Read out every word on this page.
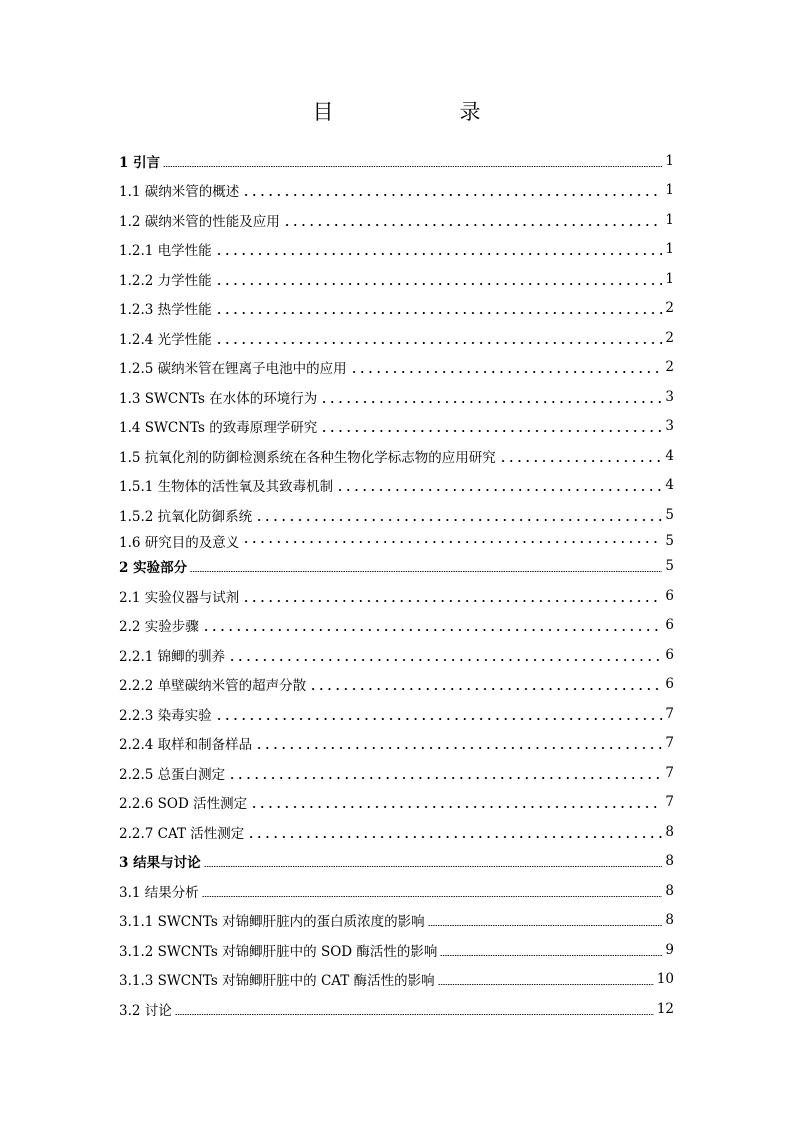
目　　录
1 引言	1
1.1 碳纳米管的概述	1
1.2 碳纳米管的性能及应用	1
1.2.1 电学性能	1
1.2.2 力学性能	1
1.2.3 热学性能	2
1.2.4 光学性能	2
1.2.5 碳纳米管在锂离子电池中的应用	2
1.3 SWCNTs 在水体的环境行为	3
1.4 SWCNTs 的致毒原理学研究	3
1.5 抗氧化剂的防御检测系统在各种生物化学标志物的应用研究	4
1.5.1 生物体的活性氧及其致毒机制	4
1.5.2 抗氧化防御系统	5
1.6 研究目的及意义	5
2 实验部分	5
2.1 实验仪器与试剂	6
2.2 实验步骤	6
2.2.1 锦鲫的驯养	6
2.2.2 单壁碳纳米管的超声分散	6
2.2.3 染毒实验	7
2.2.4 取样和制备样品	7
2.2.5 总蛋白测定	7
2.2.6 SOD 活性测定	7
2.2.7 CAT 活性测定	8
3 结果与讨论	8
3.1 结果分析	8
3.1.1 SWCNTs 对锦鲫肝脏内的蛋白质浓度的影响	8
3.1.2 SWCNTs 对锦鲫肝脏中的 SOD 酶活性的影响	9
3.1.3 SWCNTs 对锦鲫肝脏中的 CAT 酶活性的影响	10
3.2 讨论	12
